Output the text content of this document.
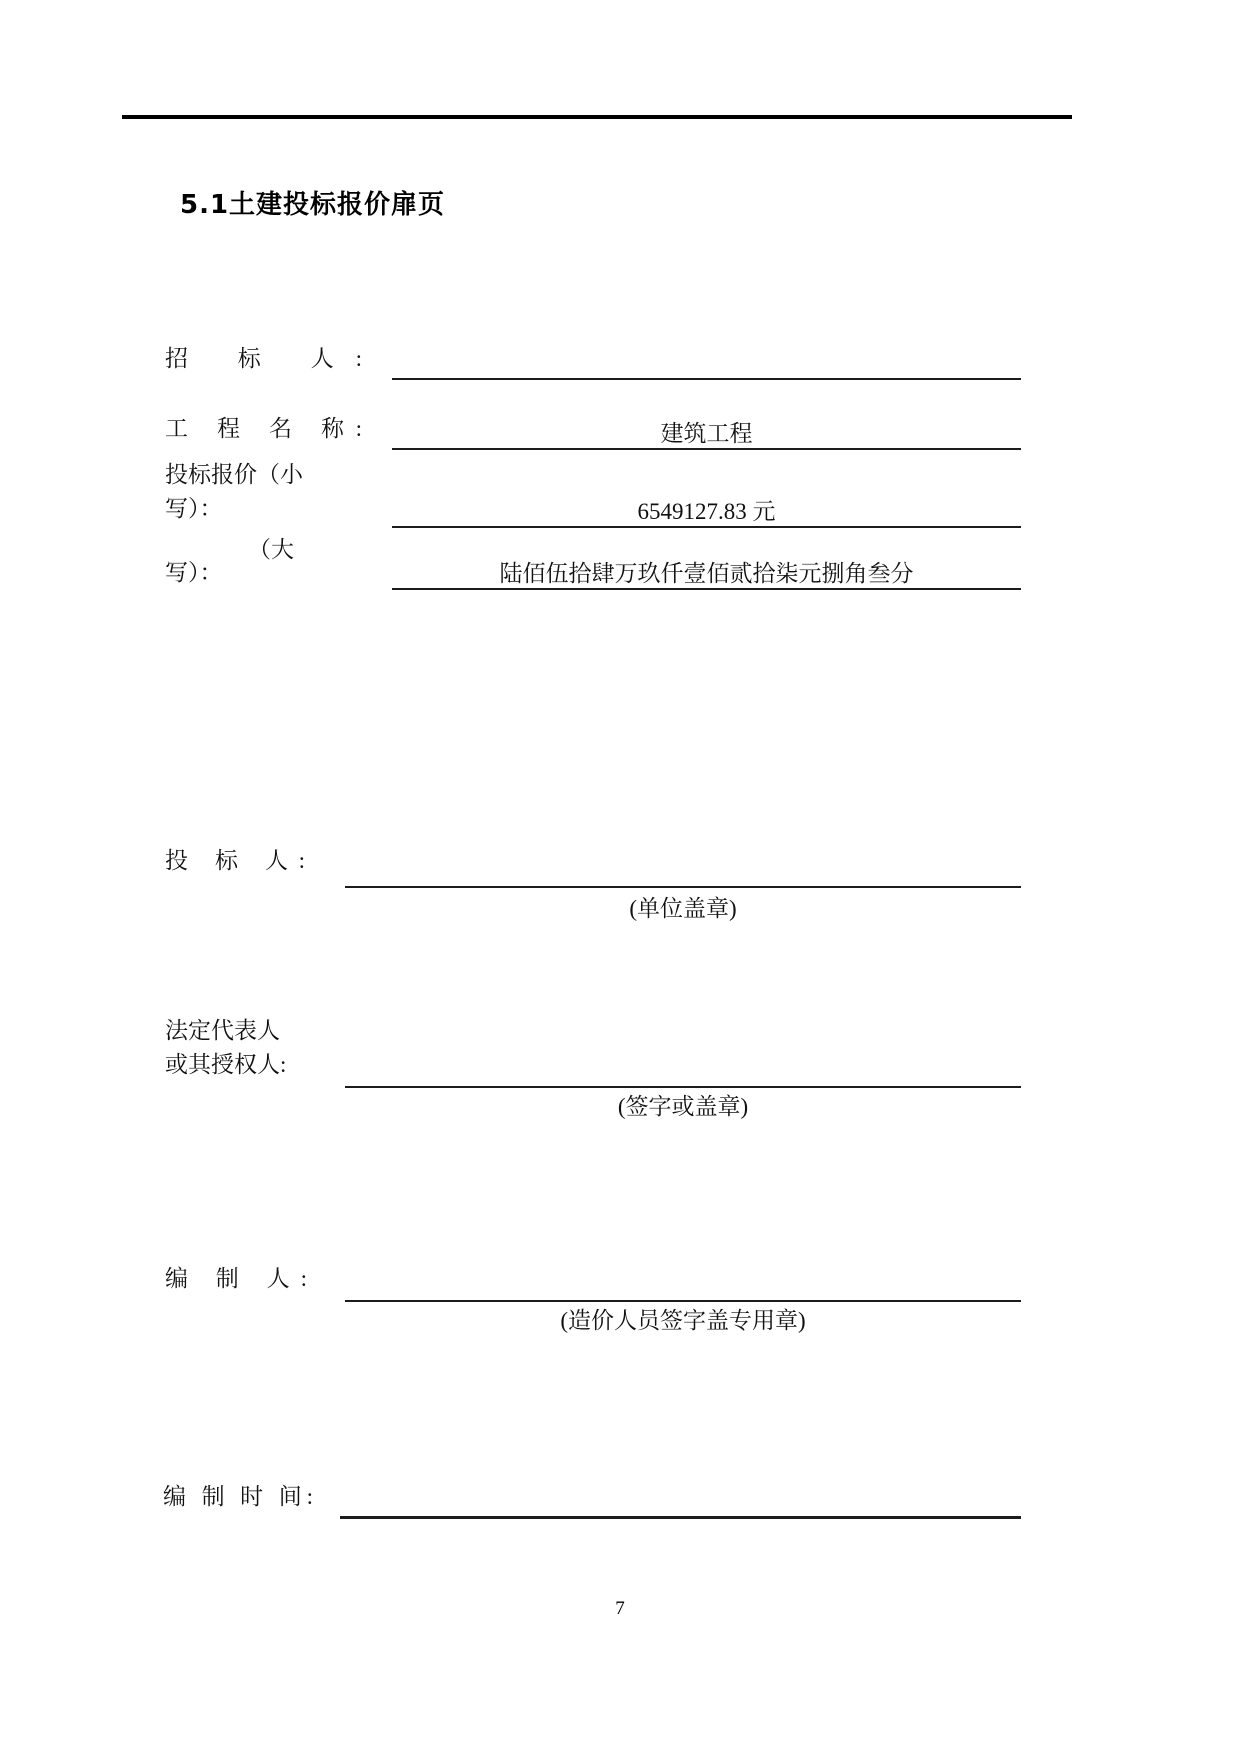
5.1土建投标报价扉页
招 标 人:
工 程 名 称:	建筑工程
投标报价（小
写）：	6549127.83 元
（大
写）：	陆佰伍拾肆万玖仟壹佰贰拾柒元捌角叁分
投 标 人:
(单位盖章)
法定代表人
或其授权人:
(签字或盖章)
编 制 人:
(造价人员签字盖专用章)
编 制 时 间:
7
